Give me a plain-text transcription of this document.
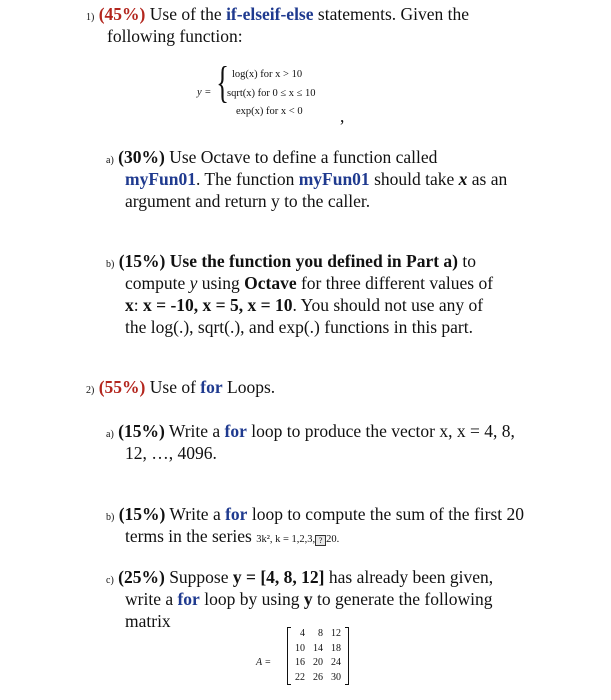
1) (45%) Use of the if-elseif-else statements. Given the
following function:
y = { log(x) for x > 10
sqrt(x) for 0 ≤ x ≤ 10
exp(x) for x < 0 ,
a) (30%) Use Octave to define a function called
myFun01. The function myFun01 should take x as an
argument and return y to the caller.
b) (15%) Use the function you defined in Part a) to
compute y using Octave for three different values of
x: x = -10, x = 5, x = 10. You should not use any of
the log(.), sqrt(.), and exp(.) functions in this part.
2) (55%) Use of for Loops.
a) (15%) Write a for loop to produce the vector x, x = 4, 8,
12, …, 4096.
b) (15%) Write a for loop to compute the sum of the first 20
terms in the series 3k², k = 1,2,3, ? 20.
c) (25%) Suppose y = [4, 8, 12] has already been given,
write a for loop by using y to generate the following
matrix
A =
4	8	12
10	14	18
16	20	24
22	26	30
